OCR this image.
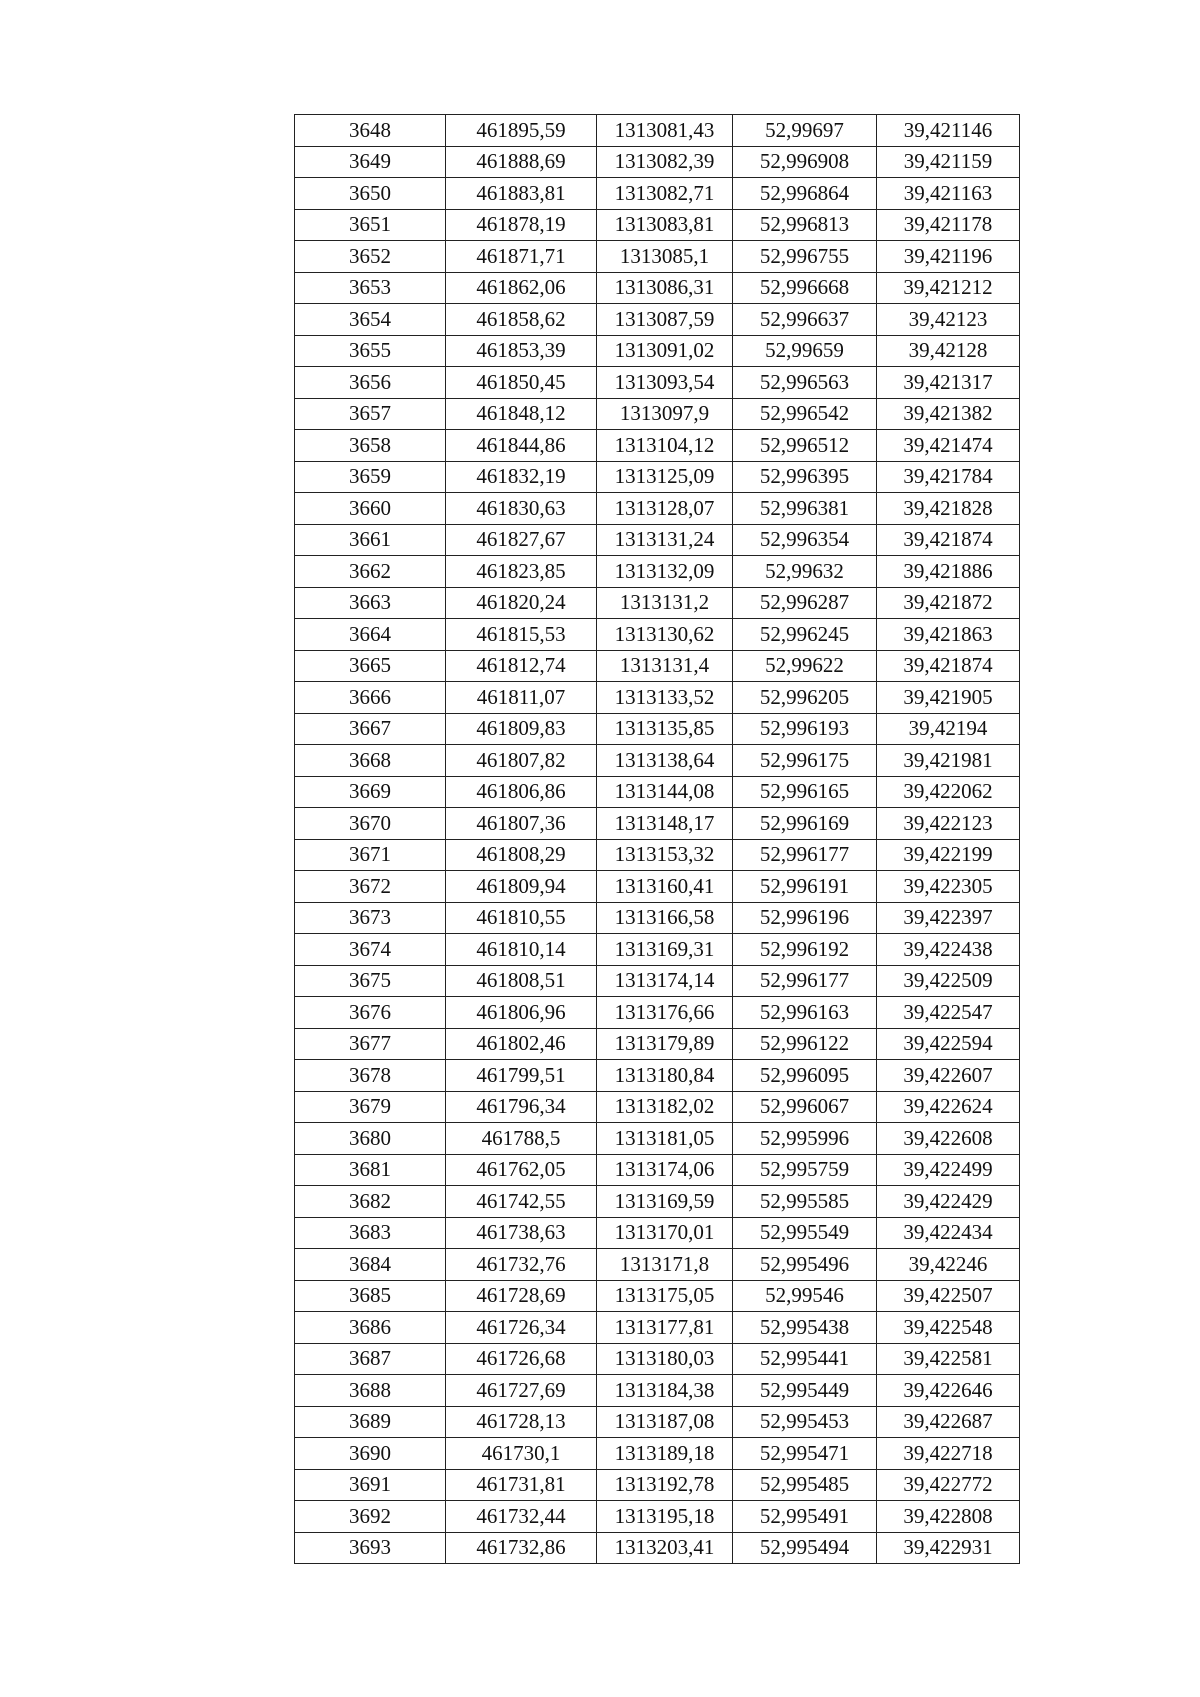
3648	461895,59	1313081,43	52,99697	39,421146
3649	461888,69	1313082,39	52,996908	39,421159
3650	461883,81	1313082,71	52,996864	39,421163
3651	461878,19	1313083,81	52,996813	39,421178
3652	461871,71	1313085,1	52,996755	39,421196
3653	461862,06	1313086,31	52,996668	39,421212
3654	461858,62	1313087,59	52,996637	39,42123
3655	461853,39	1313091,02	52,99659	39,42128
3656	461850,45	1313093,54	52,996563	39,421317
3657	461848,12	1313097,9	52,996542	39,421382
3658	461844,86	1313104,12	52,996512	39,421474
3659	461832,19	1313125,09	52,996395	39,421784
3660	461830,63	1313128,07	52,996381	39,421828
3661	461827,67	1313131,24	52,996354	39,421874
3662	461823,85	1313132,09	52,99632	39,421886
3663	461820,24	1313131,2	52,996287	39,421872
3664	461815,53	1313130,62	52,996245	39,421863
3665	461812,74	1313131,4	52,99622	39,421874
3666	461811,07	1313133,52	52,996205	39,421905
3667	461809,83	1313135,85	52,996193	39,42194
3668	461807,82	1313138,64	52,996175	39,421981
3669	461806,86	1313144,08	52,996165	39,422062
3670	461807,36	1313148,17	52,996169	39,422123
3671	461808,29	1313153,32	52,996177	39,422199
3672	461809,94	1313160,41	52,996191	39,422305
3673	461810,55	1313166,58	52,996196	39,422397
3674	461810,14	1313169,31	52,996192	39,422438
3675	461808,51	1313174,14	52,996177	39,422509
3676	461806,96	1313176,66	52,996163	39,422547
3677	461802,46	1313179,89	52,996122	39,422594
3678	461799,51	1313180,84	52,996095	39,422607
3679	461796,34	1313182,02	52,996067	39,422624
3680	461788,5	1313181,05	52,995996	39,422608
3681	461762,05	1313174,06	52,995759	39,422499
3682	461742,55	1313169,59	52,995585	39,422429
3683	461738,63	1313170,01	52,995549	39,422434
3684	461732,76	1313171,8	52,995496	39,42246
3685	461728,69	1313175,05	52,99546	39,422507
3686	461726,34	1313177,81	52,995438	39,422548
3687	461726,68	1313180,03	52,995441	39,422581
3688	461727,69	1313184,38	52,995449	39,422646
3689	461728,13	1313187,08	52,995453	39,422687
3690	461730,1	1313189,18	52,995471	39,422718
3691	461731,81	1313192,78	52,995485	39,422772
3692	461732,44	1313195,18	52,995491	39,422808
3693	461732,86	1313203,41	52,995494	39,422931
